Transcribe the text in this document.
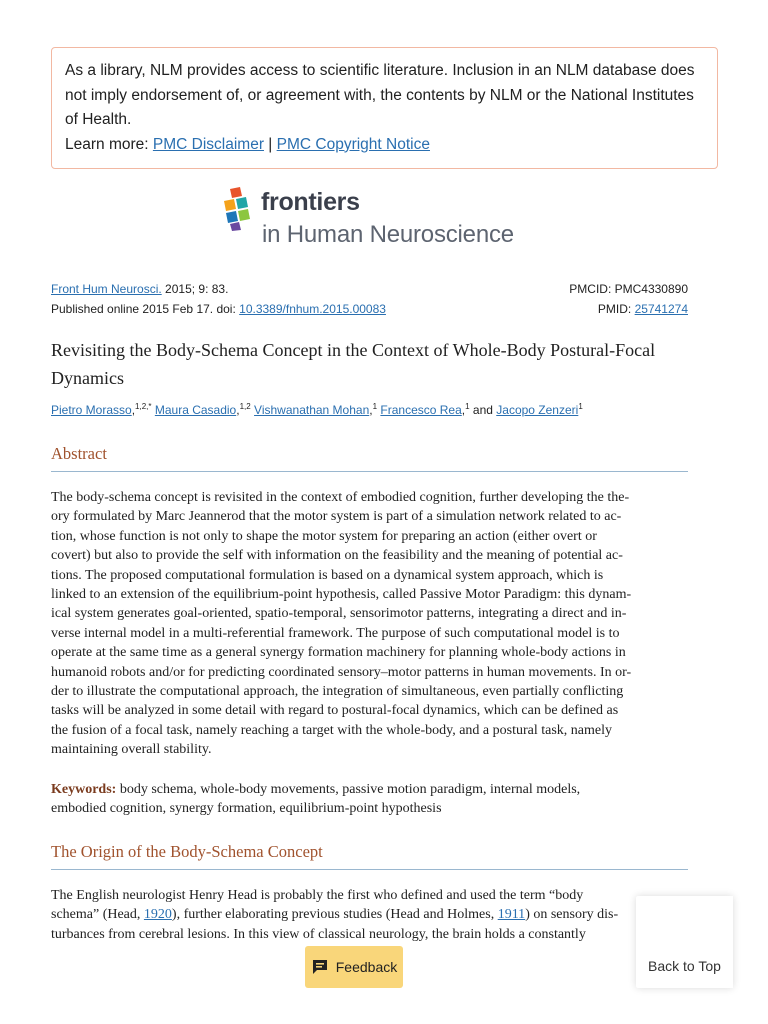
As a library, NLM provides access to scientific literature. Inclusion in an NLM database does
not imply endorsement of, or agreement with, the contents by NLM or the National Institutes
of Health.
Learn more: PMC Disclaimer | PMC Copyright Notice
frontiers
in Human Neuroscience
Front Hum Neurosci. 2015; 9: 83.	PMCID: PMC4330890
Published online 2015 Feb 17. doi: 10.3389/fnhum.2015.00083	PMID: 25741274
Revisiting the Body-Schema Concept in the Context of Whole-Body Postural-Focal
Dynamics
Pietro Morasso,$^{1,2,*}$ Maura Casadio,$^{1,2}$ Vishwanathan Mohan,$^1$ Francesco Rea,$^1$ and Jacopo Zenzeri$^1$
Abstract
The body-schema concept is revisited in the context of embodied cognition, further developing the the-
ory formulated by Marc Jeannerod that the motor system is part of a simulation network related to ac-
tion, whose function is not only to shape the motor system for preparing an action (either overt or
covert) but also to provide the self with information on the feasibility and the meaning of potential ac-
tions. The proposed computational formulation is based on a dynamical system approach, which is
linked to an extension of the equilibrium-point hypothesis, called Passive Motor Paradigm: this dynam-
ical system generates goal-oriented, spatio-temporal, sensorimotor patterns, integrating a direct and in-
verse internal model in a multi-referential framework. The purpose of such computational model is to
operate at the same time as a general synergy formation machinery for planning whole-body actions in
humanoid robots and/or for predicting coordinated sensory–motor patterns in human movements. In or-
der to illustrate the computational approach, the integration of simultaneous, even partially conflicting
tasks will be analyzed in some detail with regard to postural-focal dynamics, which can be defined as
the fusion of a focal task, namely reaching a target with the whole-body, and a postural task, namely
maintaining overall stability.
Keywords: body schema, whole-body movements, passive motion paradigm, internal models,
embodied cognition, synergy formation, equilibrium-point hypothesis
The Origin of the Body-Schema Concept
The English neurologist Henry Head is probably the first who defined and used the term “body
schema” (Head, 1920), further elaborating previous studies (Head and Holmes, 1911) on sensory dis-
turbances from cerebral lesions. In this view of classical neurology, the brain holds a constantly
Back to Top
Feedback
